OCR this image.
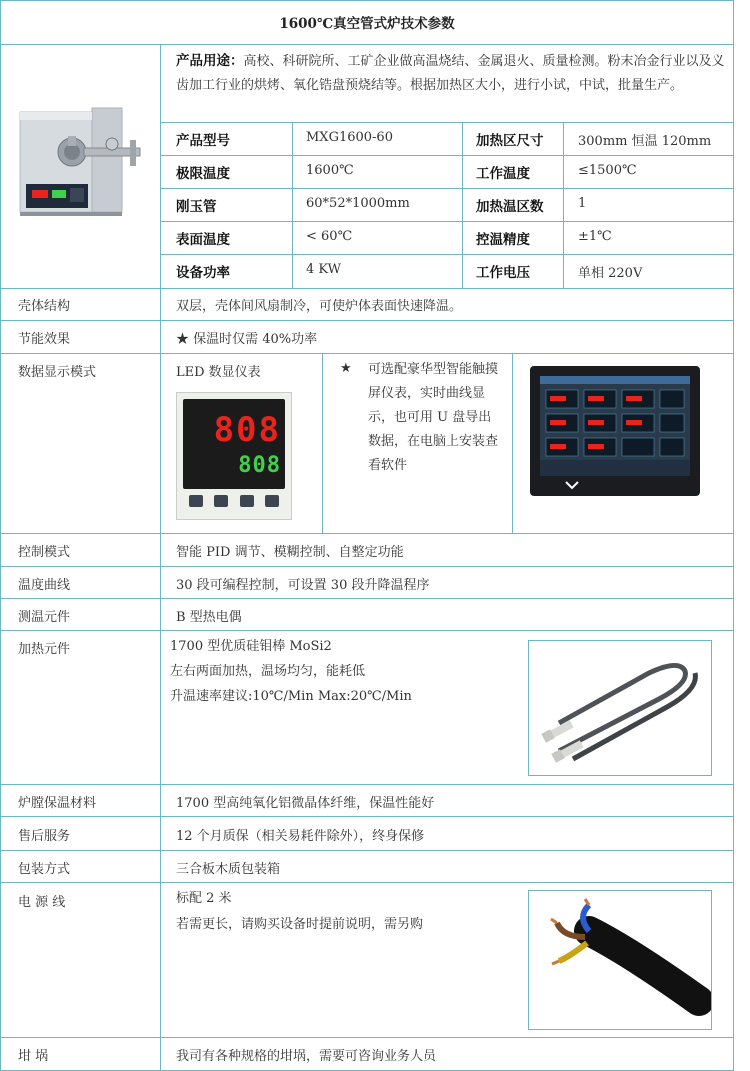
1600℃真空管式炉技术参数
产品用途：高校、科研院所、工矿企业做高温烧结、金属退火、质量检测。粉末冶金行业以及义齿加工行业的烘烤、氧化锆盘预烧结等。根据加热区大小，进行小试，中试，批量生产。
产品型号	MXG1600-60	加热区尺寸	300mm 恒温 120mm
极限温度	1600℃	工作温度	≤1500℃
刚玉管	60*52*1000mm	加热温区数	1
表面温度	< 60℃	控温精度	±1℃
设备功率	4 KW	工作电压	单相 220V
壳体结构	双层，壳体间风扇制冷，可使炉体表面快速降温。
节能效果	★ 保温时仅需 40%功率
数据显示模式	LED 数显仪表
808
808
★ 可选配豪华型智能触摸屏仪表，实时曲线显示，也可用 U 盘导出数据，在电脑上安装查看软件
控制模式	智能 PID 调节、模糊控制、自整定功能
温度曲线	30 段可编程控制，可设置 30 段升降温程序
测温元件	B 型热电偶
加热元件	1700 型优质硅钼棒 MoSi2
左右两面加热，温场均匀，能耗低
升温速率建议:10℃/Min Max:20℃/Min
炉膛保温材料	1700 型高纯氧化铝微晶体纤维，保温性能好
售后服务	12 个月质保（相关易耗件除外），终身保修
包装方式	三合板木质包装箱
电 源 线	标配 2 米
若需更长，请购买设备时提前说明，需另购
坩 埚	我司有各种规格的坩埚，需要可咨询业务人员
